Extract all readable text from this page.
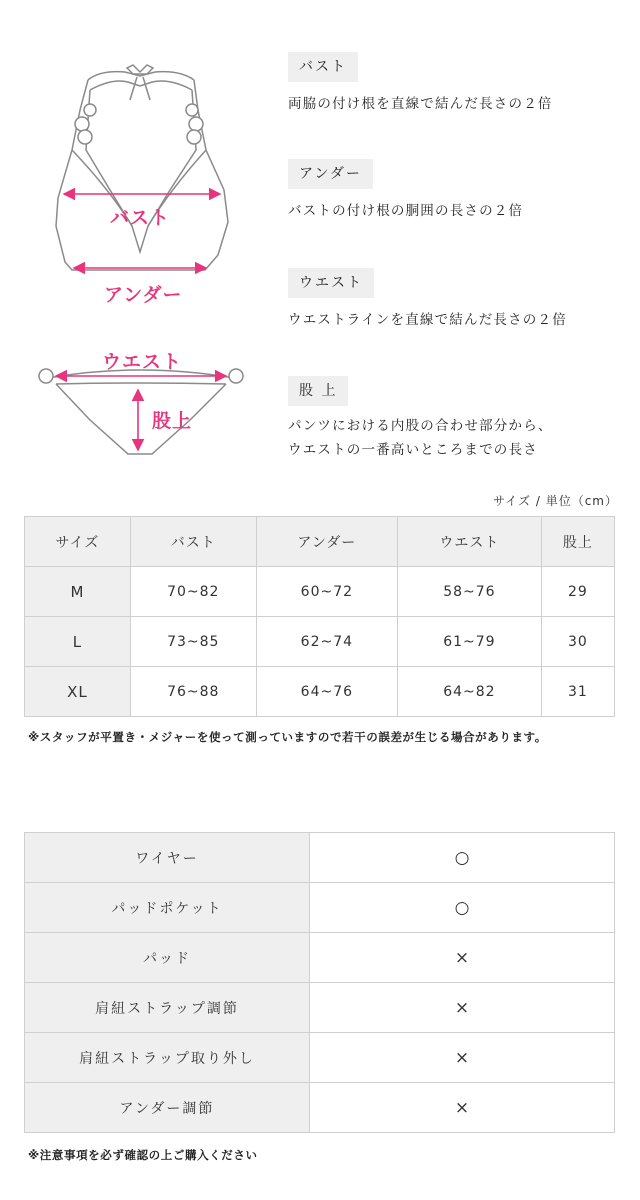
バスト
アンダー
ウエスト
股上
バスト
両脇の付け根を直線で結んだ長さの２倍
アンダー
バストの付け根の胴囲の長さの２倍
ウエスト
ウエストラインを直線で結んだ長さの２倍
股 上
パンツにおける内股の合わせ部分から、
ウエストの一番高いところまでの長さ
サイズ / 単位（cm）
サイズ	バスト	アンダー	ウエスト	股上
M	70~82	60~72	58~76	29
L	73~85	62~74	61~79	30
XL	76~88	64~76	64~82	31
※スタッフが平置き・メジャーを使って測っていますので若干の誤差が生じる場合があります。
ワイヤー	○
パッドポケット	○
パッド	×
肩紐ストラップ調節	×
肩紐ストラップ取り外し	×
アンダー調節	×
※注意事項を必ず確認の上ご購入ください
